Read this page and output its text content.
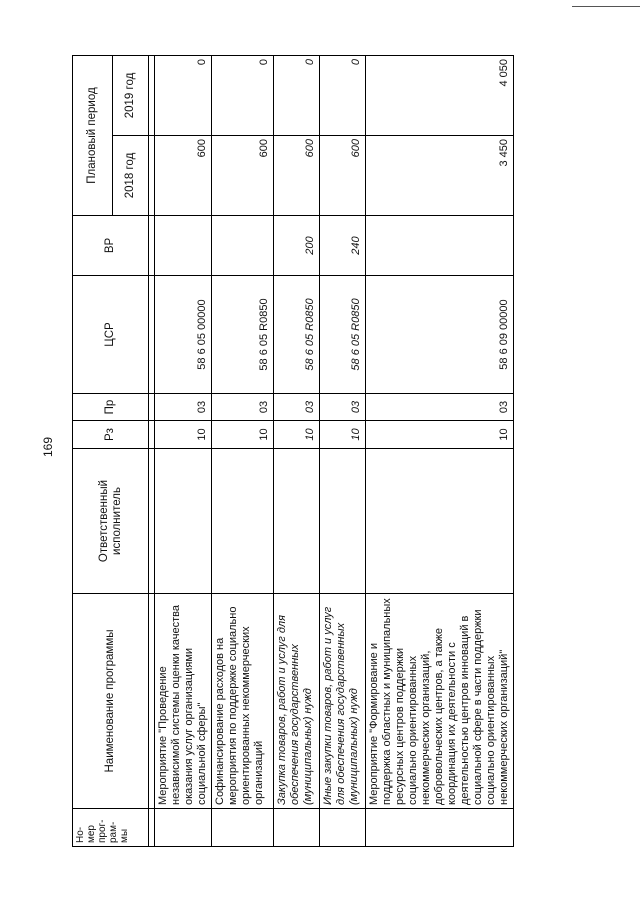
169
Но-
мер
прог-
рам-
мы	Наименование программы	Ответственный исполнитель	Рз	Пр	ЦСР	ВР	Плановый период	
							2018 год	2019 год

	Мероприятие "Проведение независимой системы оценки качества оказания услуг организациями социальной сферы"		10	03	58 6 05 00000		600	0
	Софинансирование расходов на мероприятия по поддержке социально ориентированных некоммерческих организаций		10	03	58 6 05 R0850		600	0
	Закупка товаров, работ и услуг для обеспечения государственных (муниципальных) нужд		10	03	58 6 05 R0850	200	600	0
	Иные закупки товаров, работ и услуг для обеспечения государственных (муниципальных) нужд		10	03	58 6 05 R0850	240	600	0
	Мероприятие "Формирование и поддержка областных и муниципальных ресурсных центров поддержки социально ориентированных некоммерческих организаций, добровольческих центров, а также координация их деятельности с деятельностью центров инноваций в социальной сфере в части поддержки социально ориентированных некоммерческих организаций"		10	03	58 6 09 00000		3 450	4 050
